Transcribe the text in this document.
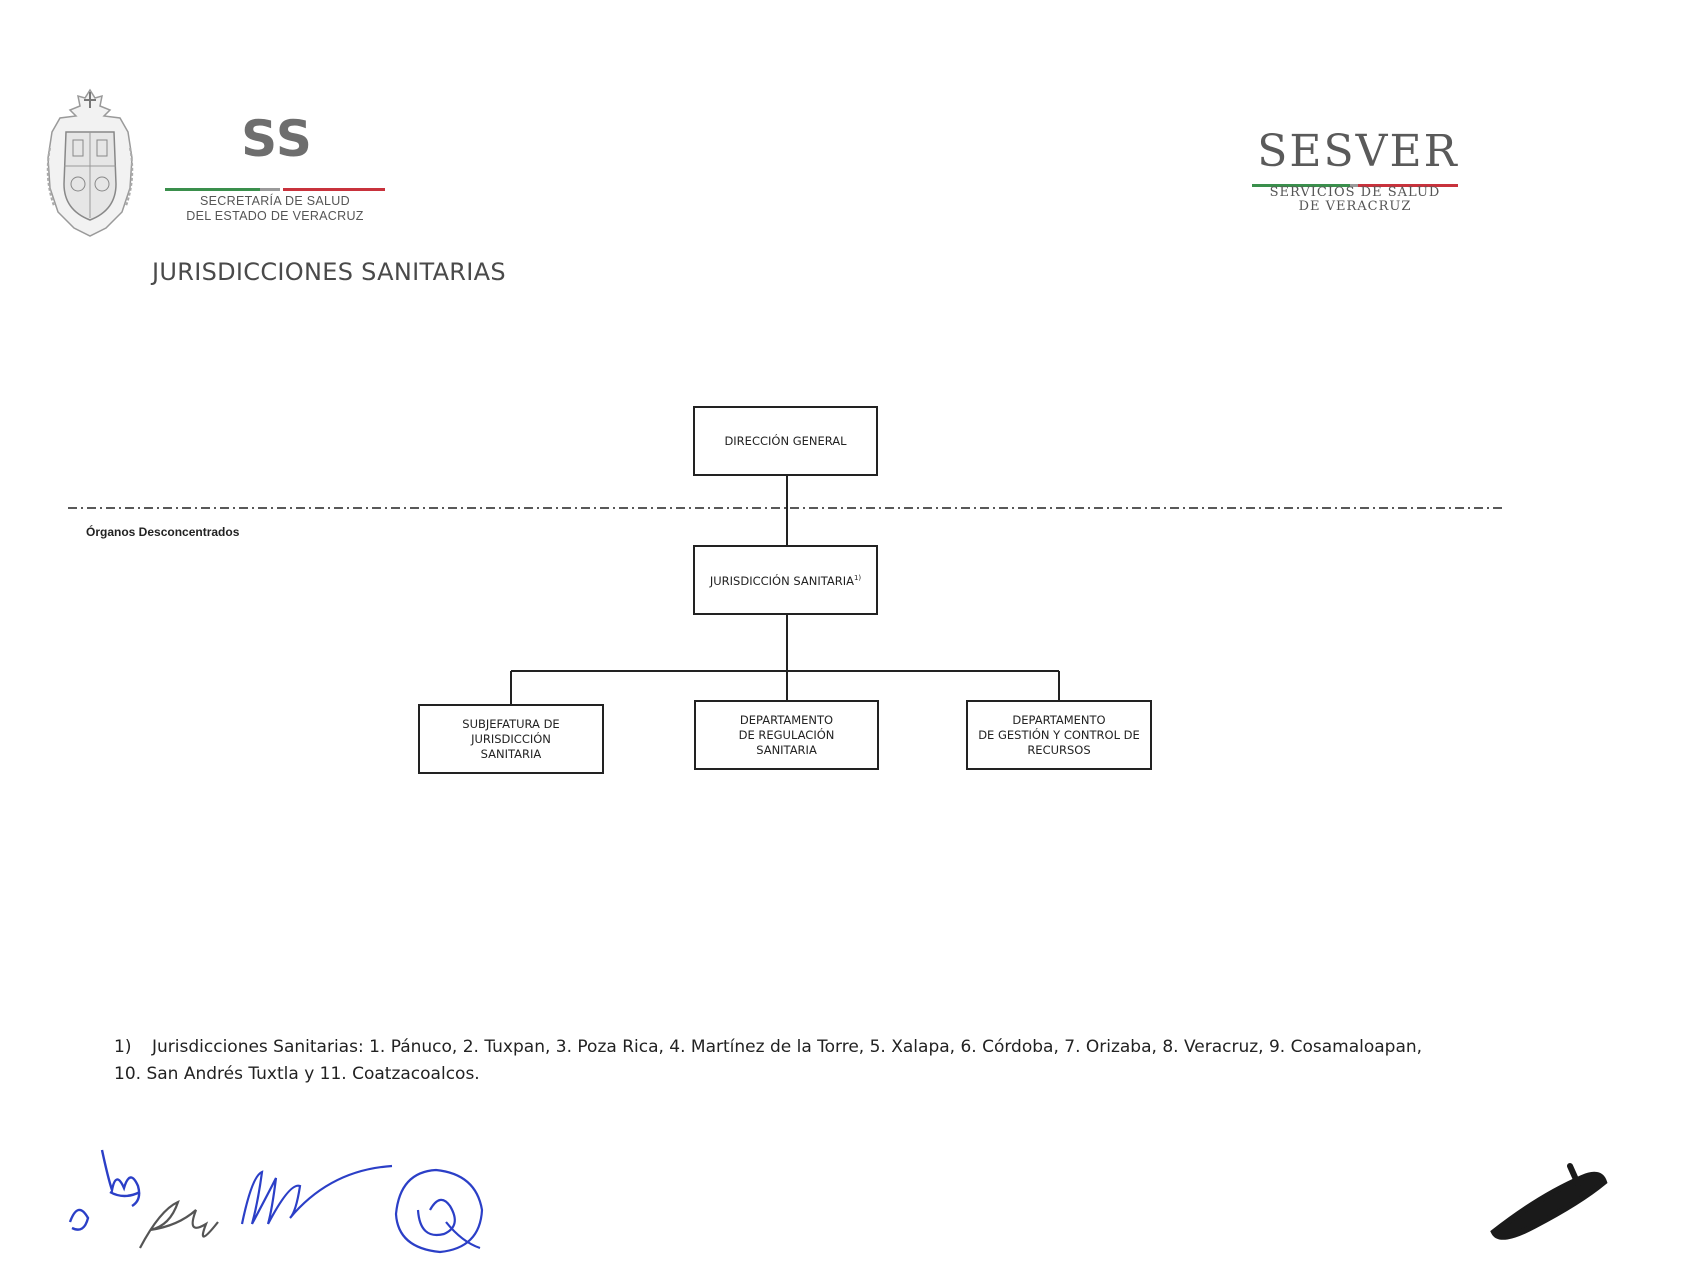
SS
SECRETARÍA DE SALUD
DEL ESTADO DE VERACRUZ
SESVER
SERVICIOS DE SALUD
DE VERACRUZ
JURISDICCIONES SANITARIAS
DIRECCIÓN GENERAL
Órganos Desconcentrados
JURISDICCIÓN SANITARIA$^{1)}$
SUBJEFATURA DE
JURISDICCIÓN
SANITARIA
DEPARTAMENTO
DE REGULACIÓN
SANITARIA
DEPARTAMENTO
DE GESTIÓN Y CONTROL DE
RECURSOS
1) Jurisdicciones Sanitarias: 1. Pánuco, 2. Tuxpan, 3. Poza Rica, 4. Martínez de la Torre, 5. Xalapa, 6. Córdoba, 7. Orizaba, 8. Veracruz, 9. Cosamaloapan, 10. San Andrés Tuxtla y 11. Coatzacoalcos.
